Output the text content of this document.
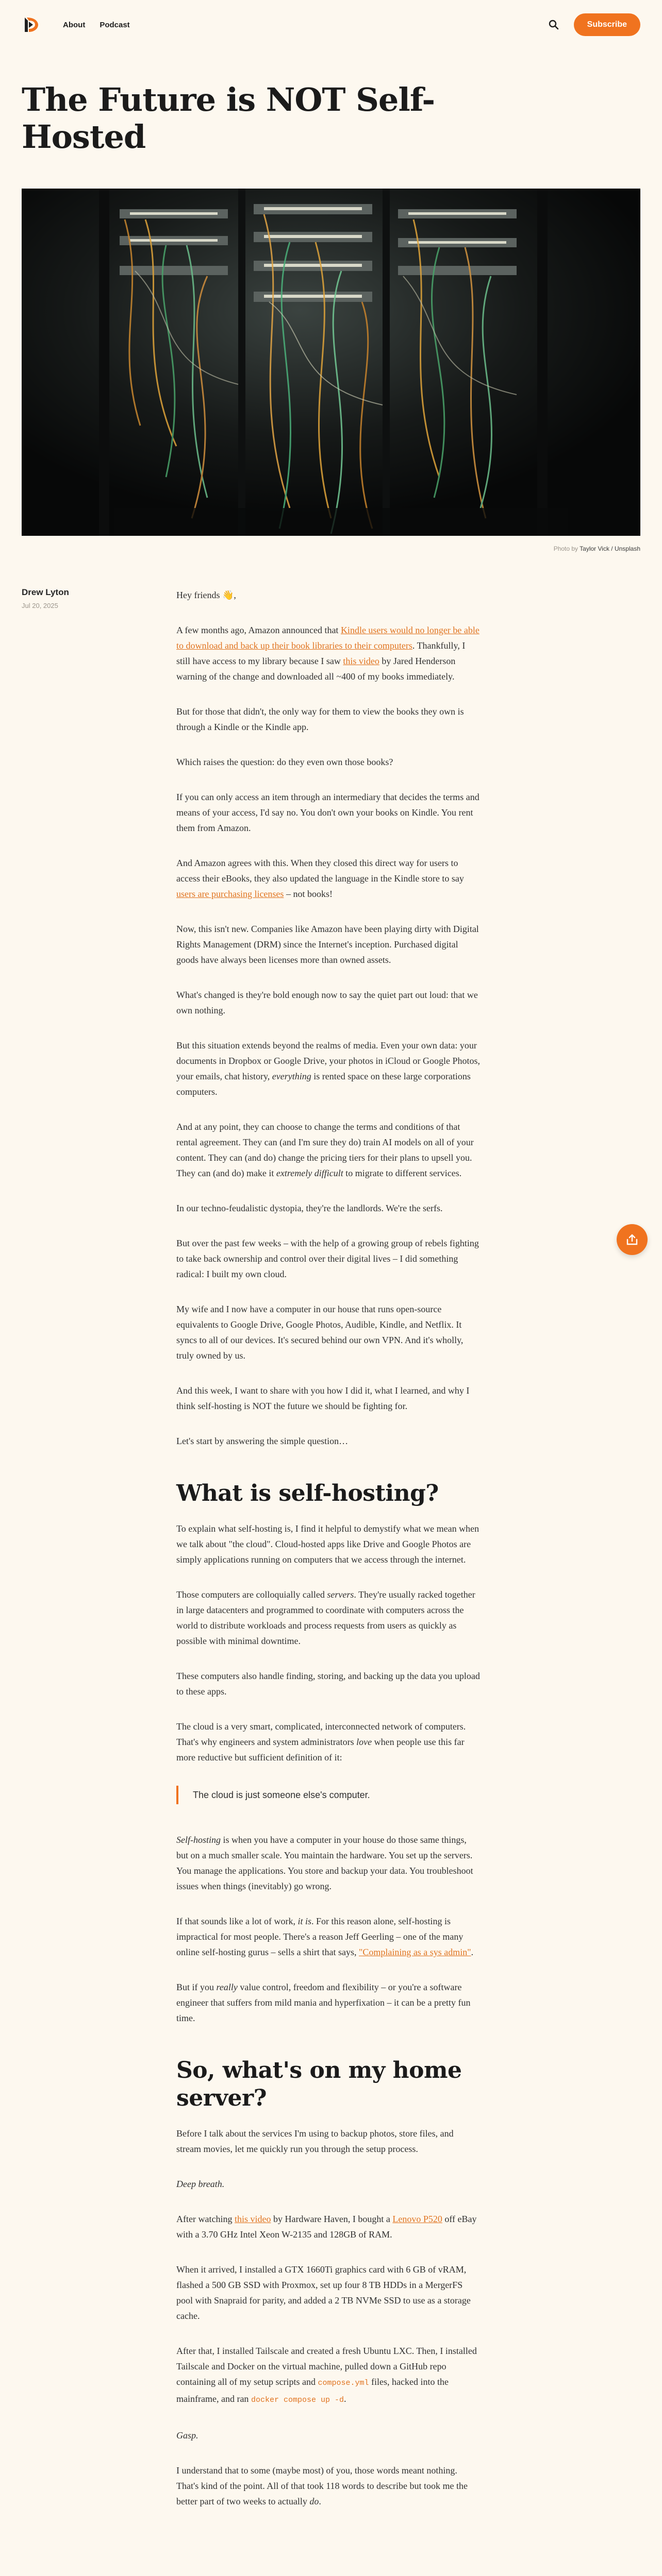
About Podcast	Subscribe
The Future is NOT Self-Hosted
Photo by Taylor Vick / Unsplash
Drew Lyton
Jul 20, 2025

Hey friends 👋,

A few months ago, Amazon announced that Kindle users would no longer be able to download and back up their book libraries to their computers. Thankfully, I still have access to my library because I saw this video by Jared Henderson warning of the change and downloaded all ~400 of my books immediately.

But for those that didn't, the only way for them to view the books they own is through a Kindle or the Kindle app.

Which raises the question: do they even own those books?

If you can only access an item through an intermediary that decides the terms and means of your access, I'd say no. You don't own your books on Kindle. You rent them from Amazon.

And Amazon agrees with this. When they closed this direct way for users to access their eBooks, they also updated the language in the Kindle store to say users are purchasing licenses – not books!

Now, this isn't new. Companies like Amazon have been playing dirty with Digital Rights Management (DRM) since the Internet's inception. Purchased digital goods have always been licenses more than owned assets.

What's changed is they're bold enough now to say the quiet part out loud: that we own nothing.

But this situation extends beyond the realms of media. Even your own data: your documents in Dropbox or Google Drive, your photos in iCloud or Google Photos, your emails, chat history, everything is rented space on these large corporations computers.

And at any point, they can choose to change the terms and conditions of that rental agreement. They can (and I'm sure they do) train AI models on all of your content. They can (and do) change the pricing tiers for their plans to upsell you. They can (and do) make it extremely difficult to migrate to different services.

In our techno-feudalistic dystopia, they're the landlords. We're the serfs.

But over the past few weeks – with the help of a growing group of rebels fighting to take back ownership and control over their digital lives – I did something radical: I built my own cloud.

My wife and I now have a computer in our house that runs open-source equivalents to Google Drive, Google Photos, Audible, Kindle, and Netflix. It syncs to all of our devices. It's secured behind our own VPN. And it's wholly, truly owned by us.

And this week, I want to share with you how I did it, what I learned, and why I think self-hosting is NOT the future we should be fighting for.

Let's start by answering the simple question…

What is self-hosting?

To explain what self-hosting is, I find it helpful to demystify what we mean when we talk about "the cloud". Cloud-hosted apps like Drive and Google Photos are simply applications running on computers that we access through the internet.

Those computers are colloquially called servers. They're usually racked together in large datacenters and programmed to coordinate with computers across the world to distribute workloads and process requests from users as quickly as possible with minimal downtime.

These computers also handle finding, storing, and backing up the data you upload to these apps.

The cloud is a very smart, complicated, interconnected network of computers. That's why engineers and system administrators love when people use this far more reductive but sufficient definition of it:

The cloud is just someone else's computer.

Self-hosting is when you have a computer in your house do those same things, but on a much smaller scale. You maintain the hardware. You set up the servers. You manage the applications. You store and backup your data. You troubleshoot issues when things (inevitably) go wrong.

If that sounds like a lot of work, it is. For this reason alone, self-hosting is impractical for most people. There's a reason Jeff Geerling – one of the many online self-hosting gurus – sells a shirt that says, "Complaining as a sys admin".

But if you really value control, freedom and flexibility – or you're a software engineer that suffers from mild mania and hyperfixation – it can be a pretty fun time.

So, what's on my home server?

Before I talk about the services I'm using to backup photos, store files, and stream movies, let me quickly run you through the setup process.

Deep breath.

After watching this video by Hardware Haven, I bought a Lenovo P520 off eBay with a 3.70 GHz Intel Xeon W-2135 and 128GB of RAM.

When it arrived, I installed a GTX 1660Ti graphics card with 6 GB of vRAM, flashed a 500 GB SSD with Proxmox, set up four 8 TB HDDs in a MergerFS pool with Snapraid for parity, and added a 2 TB NVMe SSD to use as a storage cache.

After that, I installed Tailscale and created a fresh Ubuntu LXC. Then, I installed Tailscale and Docker on the virtual machine, pulled down a GitHub repo containing all of my setup scripts and compose.yml files, hacked into the mainframe, and ran docker compose up -d.

Gasp.

I understand that to some (maybe most) of you, those words meant nothing. That's kind of the point. All of that took 118 words to describe but took me the better part of two weeks to actually do.
